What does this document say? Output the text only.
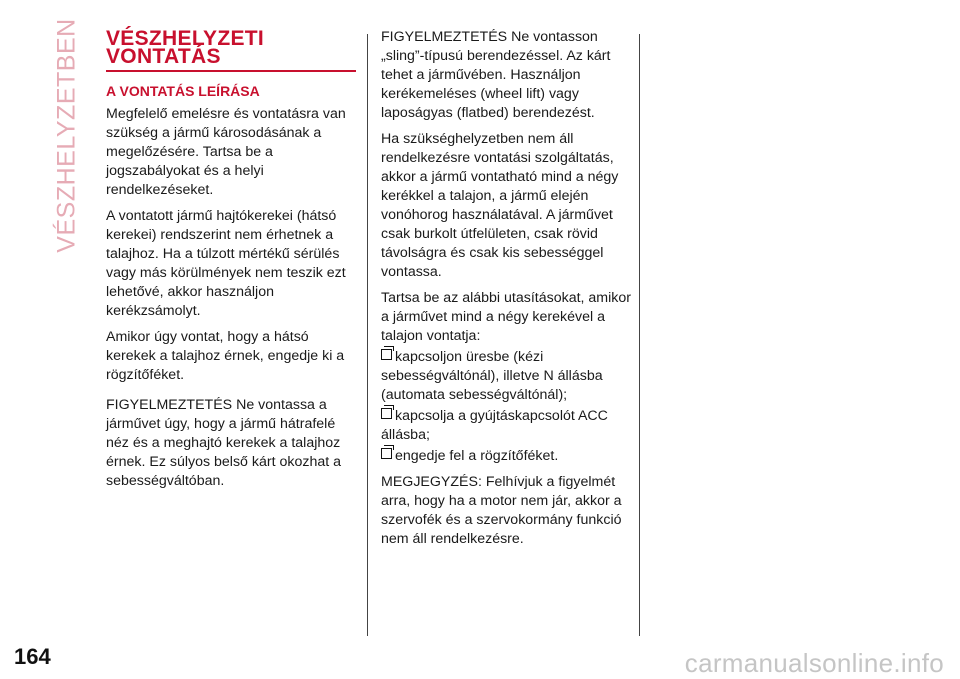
VÉSZHELYZETBEN VÉSZHELYZETI
VONTATÁS
A VONTATÁS LEÍRÁSA

Megfelelő emelésre és vontatásra van szükség a jármű károsodásának a megelőzésére. Tartsa be a jogszabályokat és a helyi rendelkezéseket.

A vontatott jármű hajtókerekei (hátsó kerekei) rendszerint nem érhetnek a talajhoz. Ha a túlzott mértékű sérülés vagy más körülmények nem teszik ezt lehetővé, akkor használjon kerékzsámolyt.

Amikor úgy vontat, hogy a hátsó kerekek a talajhoz érnek, engedje ki a rögzítőféket.

FIGYELMEZTETÉS Ne vontassa a járművet úgy, hogy a jármű hátrafelé néz és a meghajtó kerekek a talajhoz érnek. Ez súlyos belső kárt okozhat a sebességváltóban.

FIGYELMEZTETÉS Ne vontasson „sling”-típusú berendezéssel. Az kárt tehet a járművében. Használjon kerékemeléses (wheel lift) vagy laposágyas (flatbed) berendezést.

Ha szükséghelyzetben nem áll rendelkezésre vontatási szolgáltatás, akkor a jármű vontatható mind a négy kerékkel a talajon, a jármű elején vonóhorog használatával. A járművet csak burkolt útfelületen, csak rövid távolságra és csak kis sebességgel vontassa.

Tartsa be az alábbi utasításokat, amikor a járművet mind a négy kerekével a talajon vontatja:

kapcsoljon üresbe (kézi sebességváltónál), illetve N állásba (automata sebességváltónál);

kapcsolja a gyújtáskapcsolót ACC állásba;

engedje fel a rögzítőféket.

MEGJEGYZÉS: Felhívjuk a figyelmét arra, hogy ha a motor nem jár, akkor a szervofék és a szervokormány funkció nem áll rendelkezésre.

164	carmanualsonline.info
